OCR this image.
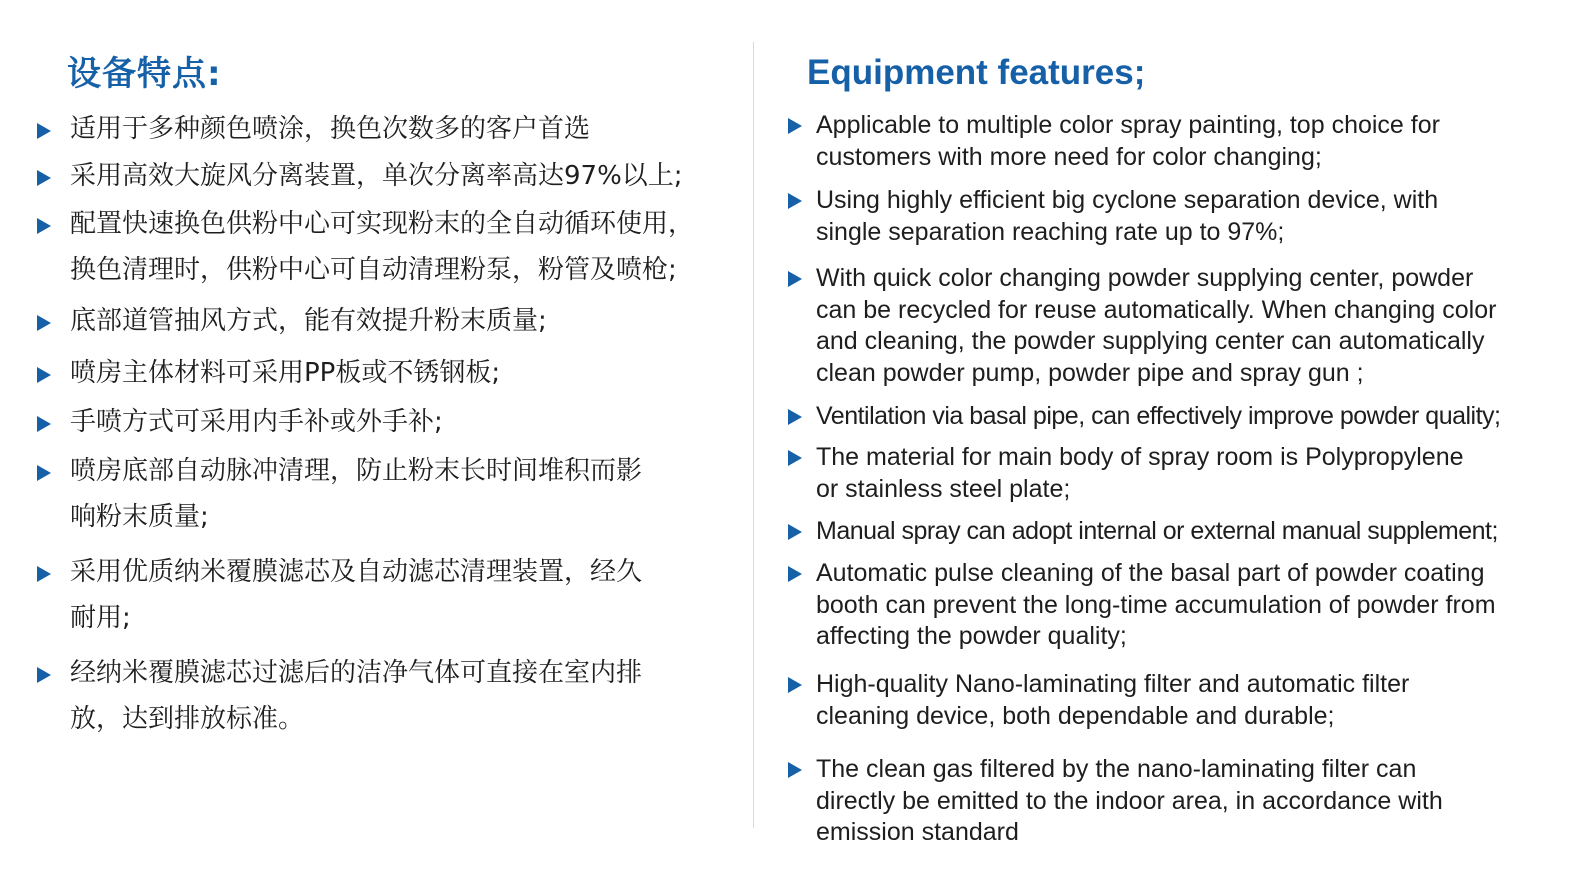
设备特点:

适用于多种颜色喷涂，换色次数多的客户首选

采用高效大旋风分离装置，单次分离率高达97%以上;

配置快速换色供粉中心可实现粉末的全自动循环使用，
换色清理时，供粉中心可自动清理粉泵，粉管及喷枪;

底部道管抽风方式，能有效提升粉末质量;

喷房主体材料可采用PP板或不锈钢板;

手喷方式可采用内手补或外手补;

喷房底部自动脉冲清理，防止粉末长时间堆积而影
响粉末质量;

采用优质纳米覆膜滤芯及自动滤芯清理装置，经久
耐用;

经纳米覆膜滤芯过滤后的洁净气体可直接在室内排
放，达到排放标准。

Equipment features;

Applicable to multiple color spray painting, top choice for
customers with more need for color changing;

Using highly efficient big cyclone separation device, with
single separation reaching rate up to 97%;

With quick color changing powder supplying center, powder
can be recycled for reuse automatically. When changing color
and cleaning, the powder supplying center can automatically
clean powder pump, powder pipe and spray gun ;

Ventilation via basal pipe, can effectively improve powder quality;

The material for main body of spray room is Polypropylene
or stainless steel plate;

Manual spray can adopt internal or external manual supplement;

Automatic pulse cleaning of the basal part of powder coating
booth can prevent the long-time accumulation of powder from
affecting the powder quality;

High-quality Nano-laminating filter and automatic filter
cleaning device, both dependable and durable;

The clean gas filtered by the nano-laminating filter can
directly be emitted to the indoor area, in accordance with
emission standard
